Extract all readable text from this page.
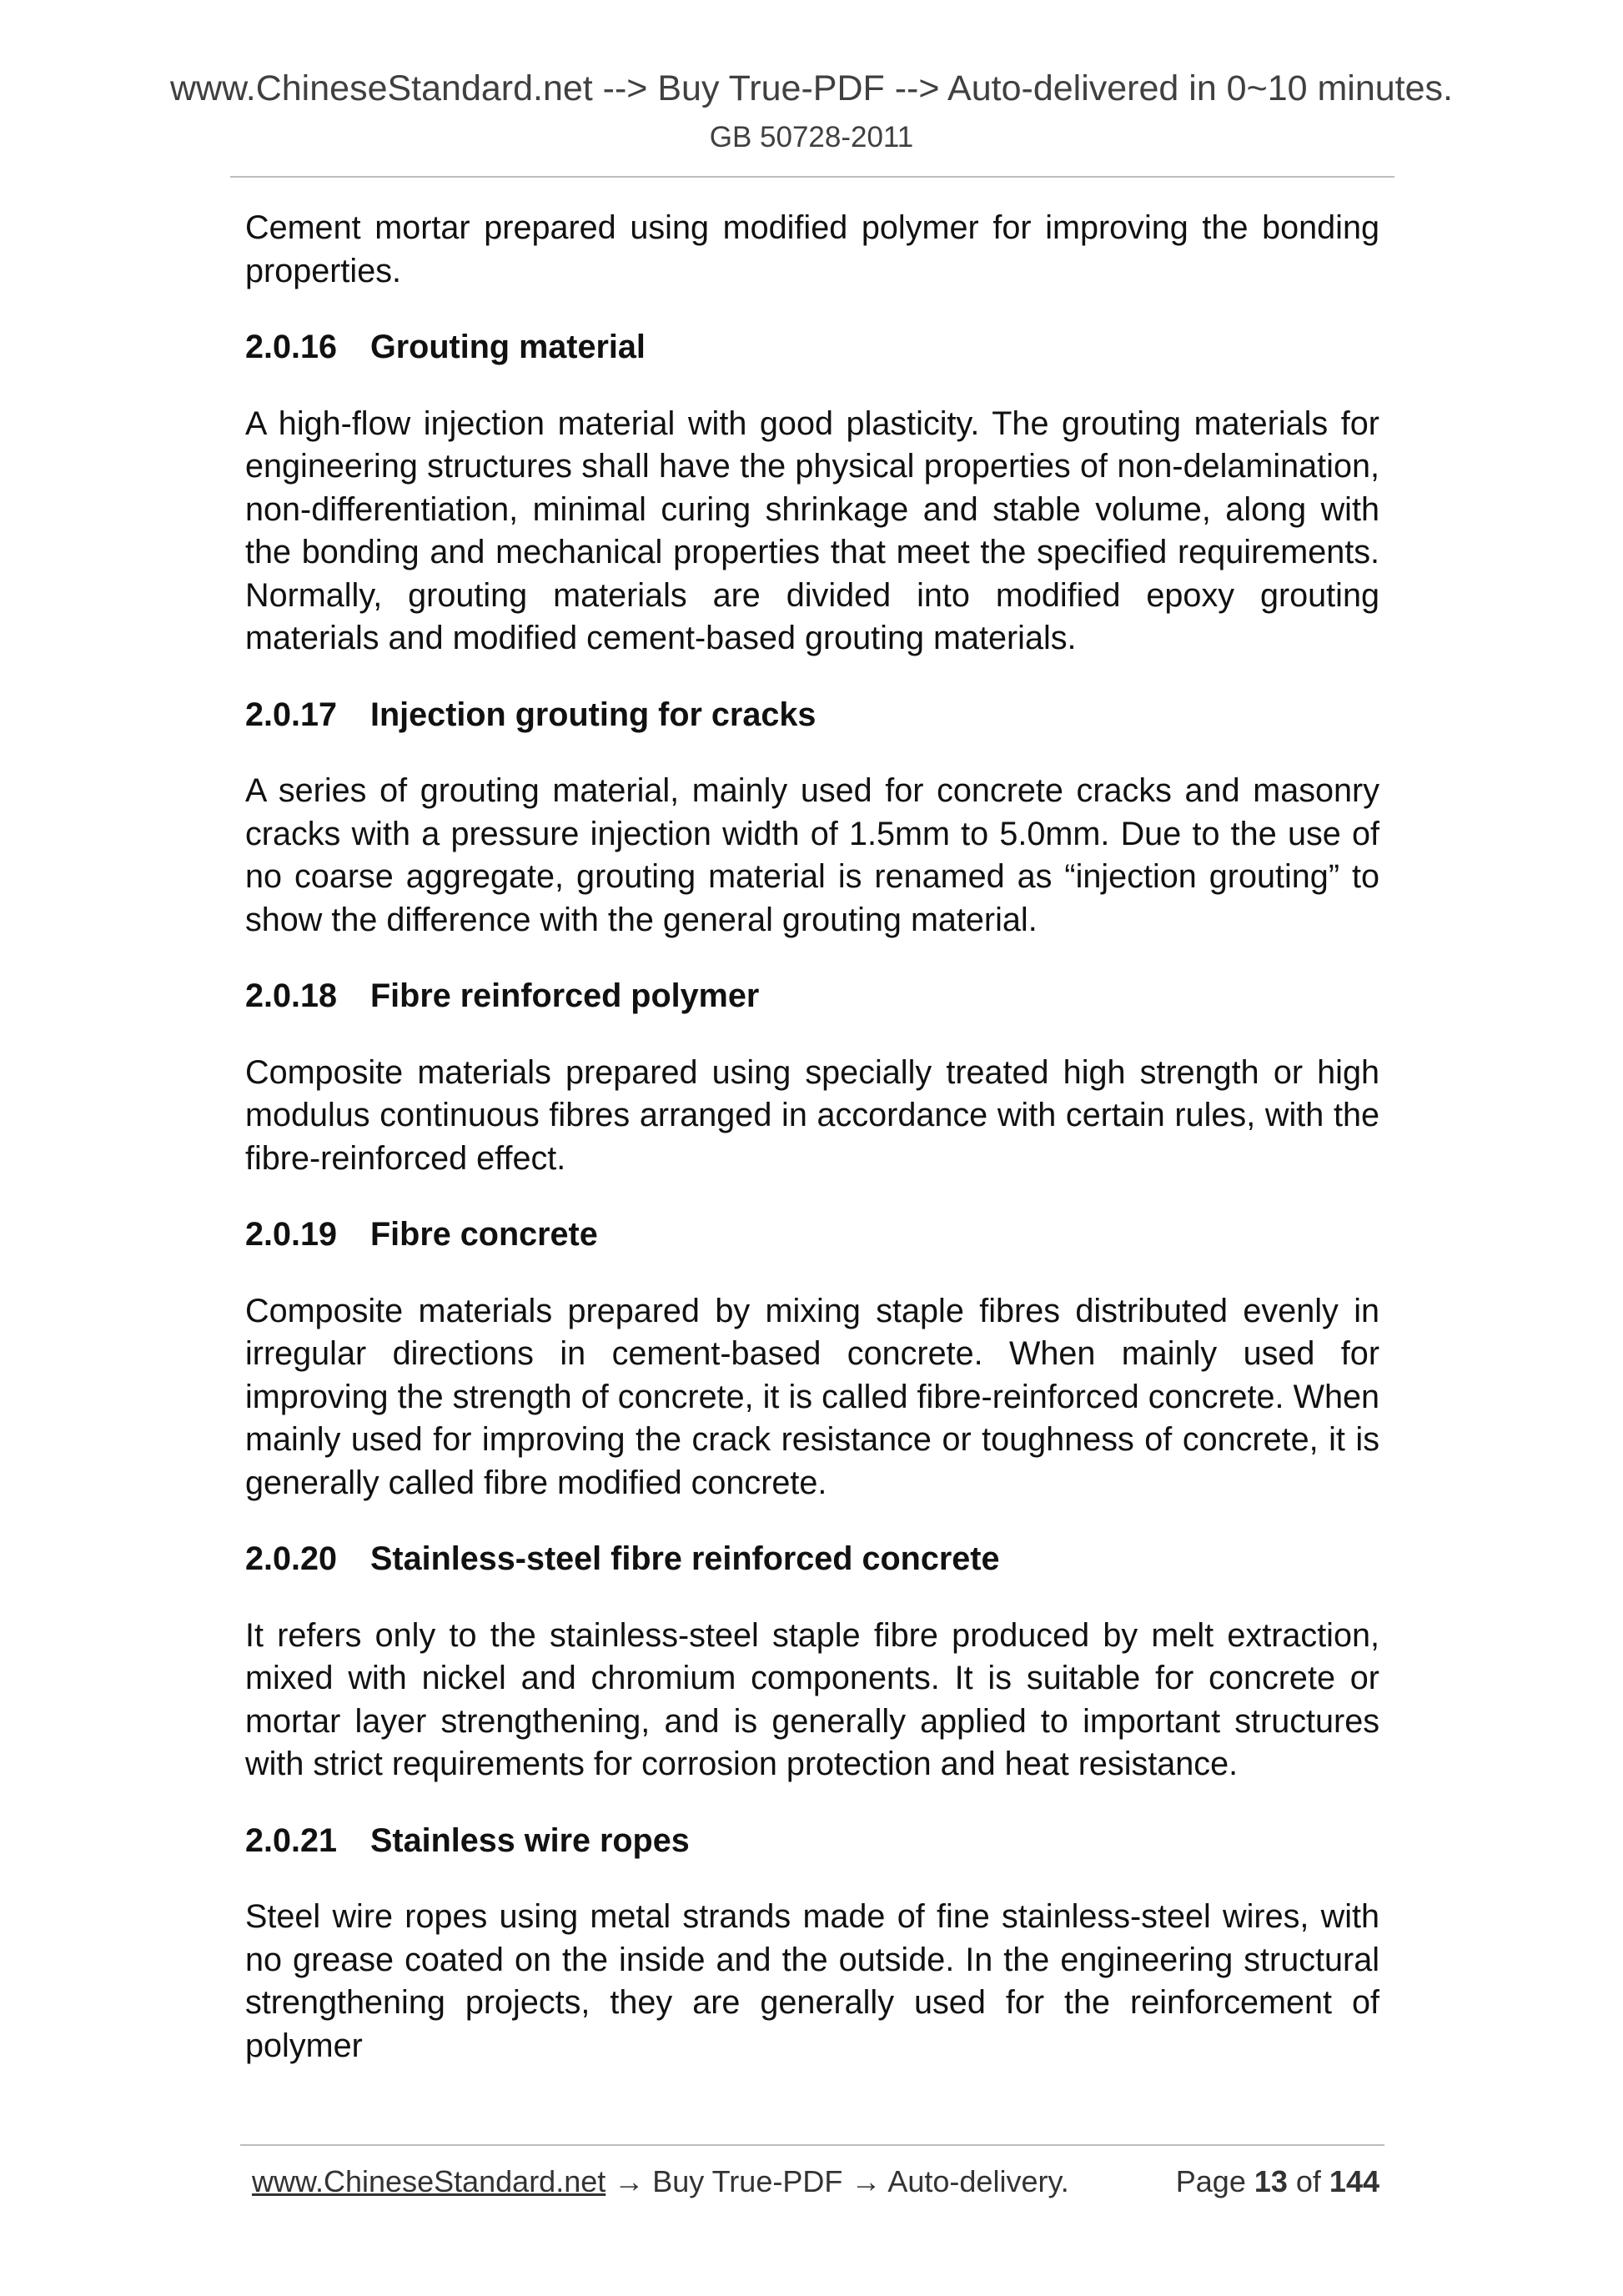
www.ChineseStandard.net --> Buy True-PDF --> Auto-delivered in 0~10 minutes.
GB 50728-2011

Cement mortar prepared using modified polymer for improving the bonding properties.

2.0.16 Grouting material

A high-flow injection material with good plasticity. The grouting materials for engineering structures shall have the physical properties of non-delamination, non-differentiation, minimal curing shrinkage and stable volume, along with the bonding and mechanical properties that meet the specified requirements. Normally, grouting materials are divided into modified epoxy grouting materials and modified cement-based grouting materials.

2.0.17 Injection grouting for cracks

A series of grouting material, mainly used for concrete cracks and masonry cracks with a pressure injection width of 1.5mm to 5.0mm. Due to the use of no coarse aggregate, grouting material is renamed as “injection grouting” to show the difference with the general grouting material.

2.0.18 Fibre reinforced polymer

Composite materials prepared using specially treated high strength or high modulus continuous fibres arranged in accordance with certain rules, with the fibre-reinforced effect.

2.0.19 Fibre concrete

Composite materials prepared by mixing staple fibres distributed evenly in irregular directions in cement-based concrete. When mainly used for improving the strength of concrete, it is called fibre-reinforced concrete. When mainly used for improving the crack resistance or toughness of concrete, it is generally called fibre modified concrete.

2.0.20 Stainless-steel fibre reinforced concrete

It refers only to the stainless-steel staple fibre produced by melt extraction, mixed with nickel and chromium components. It is suitable for concrete or mortar layer strengthening, and is generally applied to important structures with strict requirements for corrosion protection and heat resistance.

2.0.21 Stainless wire ropes

Steel wire ropes using metal strands made of fine stainless-steel wires, with no grease coated on the inside and the outside. In the engineering structural strengthening projects, they are generally used for the reinforcement of polymer

www.ChineseStandard.net → Buy True-PDF → Auto-delivery.	Page 13 of 144
